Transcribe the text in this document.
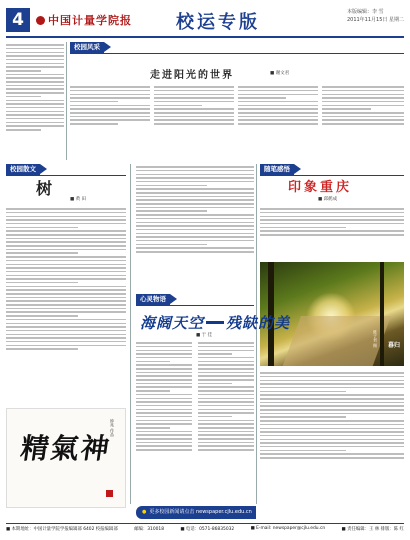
4	中国计量学院报 校运专版	本版编辑：李 雪
2011年11月15日 星期二
校园风采
走进阳光的世界	■ 谢文君
校园散文
树
■ 黄 田
精氣神
钟兆 作品
随笔感悟
暮归
陈子君 摄
印象重庆
■ 邱鹤成
心灵物语
海阔天空 残缺的美
■ 于 佳
● 更多校园新闻请点击 newspaper.cjlu.edu.cn
■ 本期地址：中国计量学院学报编辑部 6402 校报编辑部	邮编：310018	■ 电话：0571-86835032	■ E-mail: newspaper@cjlu.edu.cn	■ 责任编辑：王 林 排版：陈 红
